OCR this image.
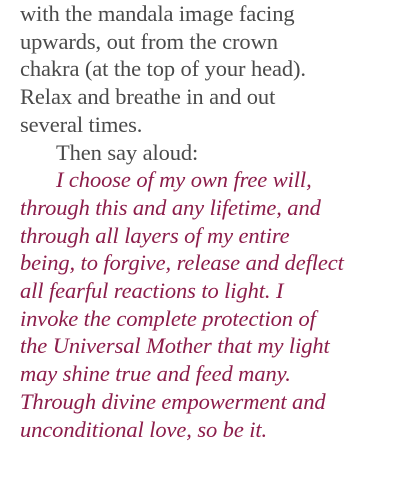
with the mandala image facing
upwards, out from the crown
chakra (at the top of your head).
Relax and breathe in and out
several times.
Then say aloud:
I choose of my own free will,
through this and any lifetime, and
through all layers of my entire
being, to forgive, release and deflect
all fearful reactions to light. I
invoke the complete protection of
the Universal Mother that my light
may shine true and feed many.
Through divine empowerment and
unconditional love, so be it.
